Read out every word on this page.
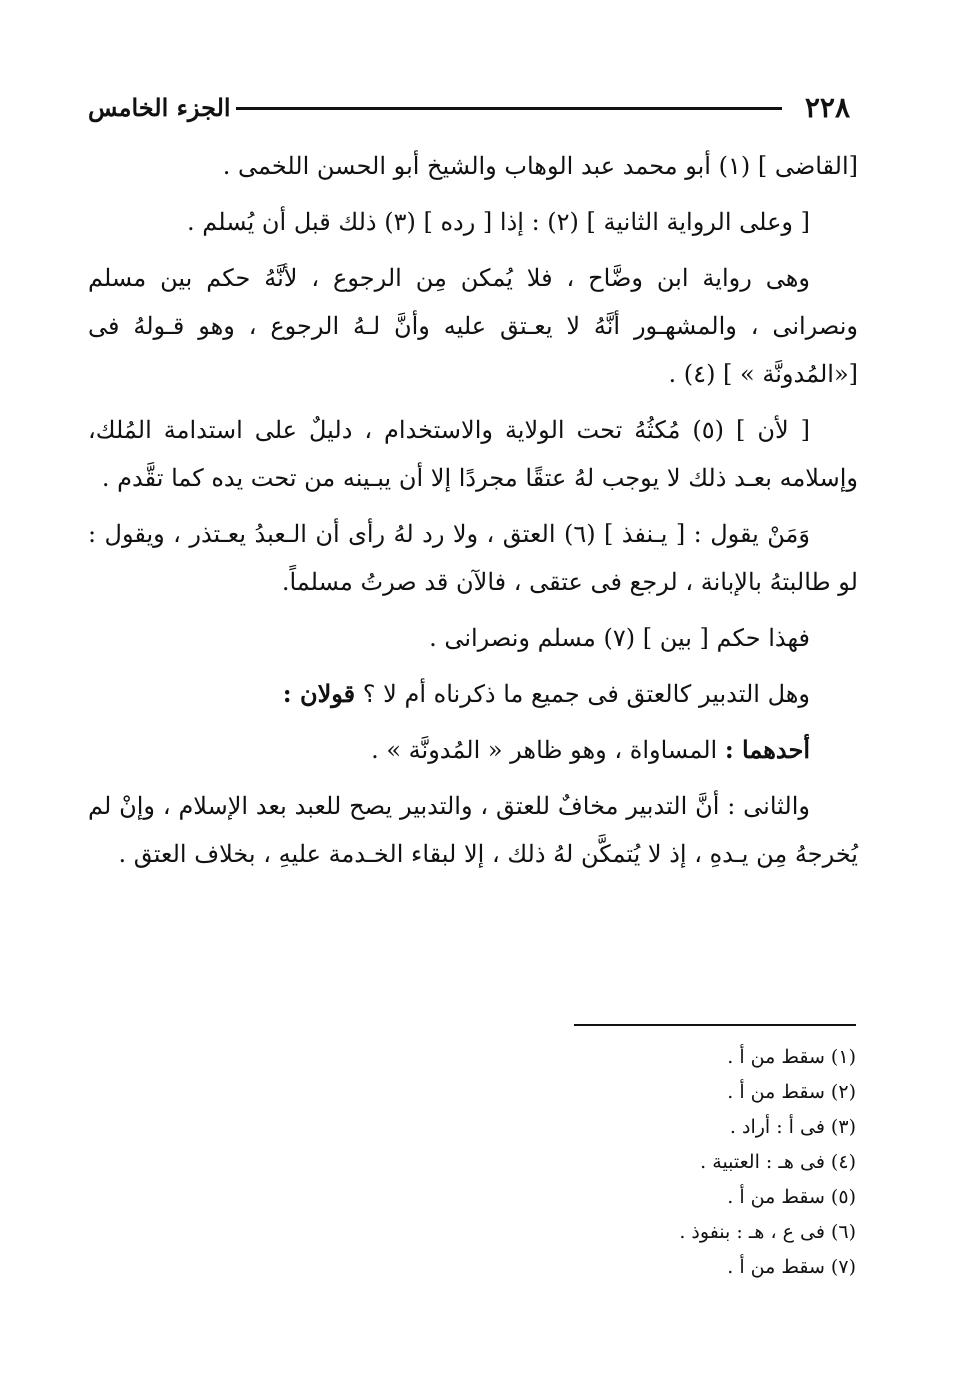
٢٢٨
الجزء الخامس

[القاضى ] (١) أبو محمد عبد الوهاب والشيخ أبو الحسن اللخمى .

[ وعلى الرواية الثانية ] (٢) : إذا [ رده ] (٣) ذلك قبل أن يُسلم .

وهى رواية ابن وضَّاح ، فلا يُمكن مِن الرجوع ، لأنَّهُ حكم بين مسلم ونصرانى ، والمشهـور أنَّهُ لا يعـتق عليه وأنَّ لـهُ الرجوع ، وهو قـولهُ فى [«المُدونَّة » ] (٤) .

[ لأن ] (٥) مُكثُهُ تحت الولاية والاستخدام ، دليلٌ على استدامة المُلك، وإسلامه بعـد ذلك لا يوجب لهُ عتقًا مجردًا إلا أن يبـينه من تحت يده كما تقَّدم .

وَمَنْ يقول : [ يـنفذ ] (٦) العتق ، ولا رد لهُ رأى أن الـعبدُ يعـتذر ، ويقول : لو طالبتهُ بالإبانة ، لرجع فى عتقى ، فالآن قد صرتُ مسلماً.

فهذا حكم [ بين ] (٧) مسلم ونصرانى .

وهل التدبير كالعتق فى جميع ما ذكرناه أم لا ؟ قولان :

أحدهما : المساواة ، وهو ظاهر « المُدونَّة » .

والثانى : أنَّ التدبير مخافٌ للعتق ، والتدبير يصح للعبد بعد الإسلام ، وإنْ لم يُخرجهُ مِن يـدهِ ، إذ لا يُتمكَّن لهُ ذلك ، إلا لبقاء الخـدمة عليهِ ، بخلاف العتق .

(١) سقط من أ .

(٢) سقط من أ .

(٣) فى أ : أراد .

(٤) فى هـ : العتبية .

(٥) سقط من أ .

(٦) فى ع ، هـ : بنفوذ .

(٧) سقط من أ .
